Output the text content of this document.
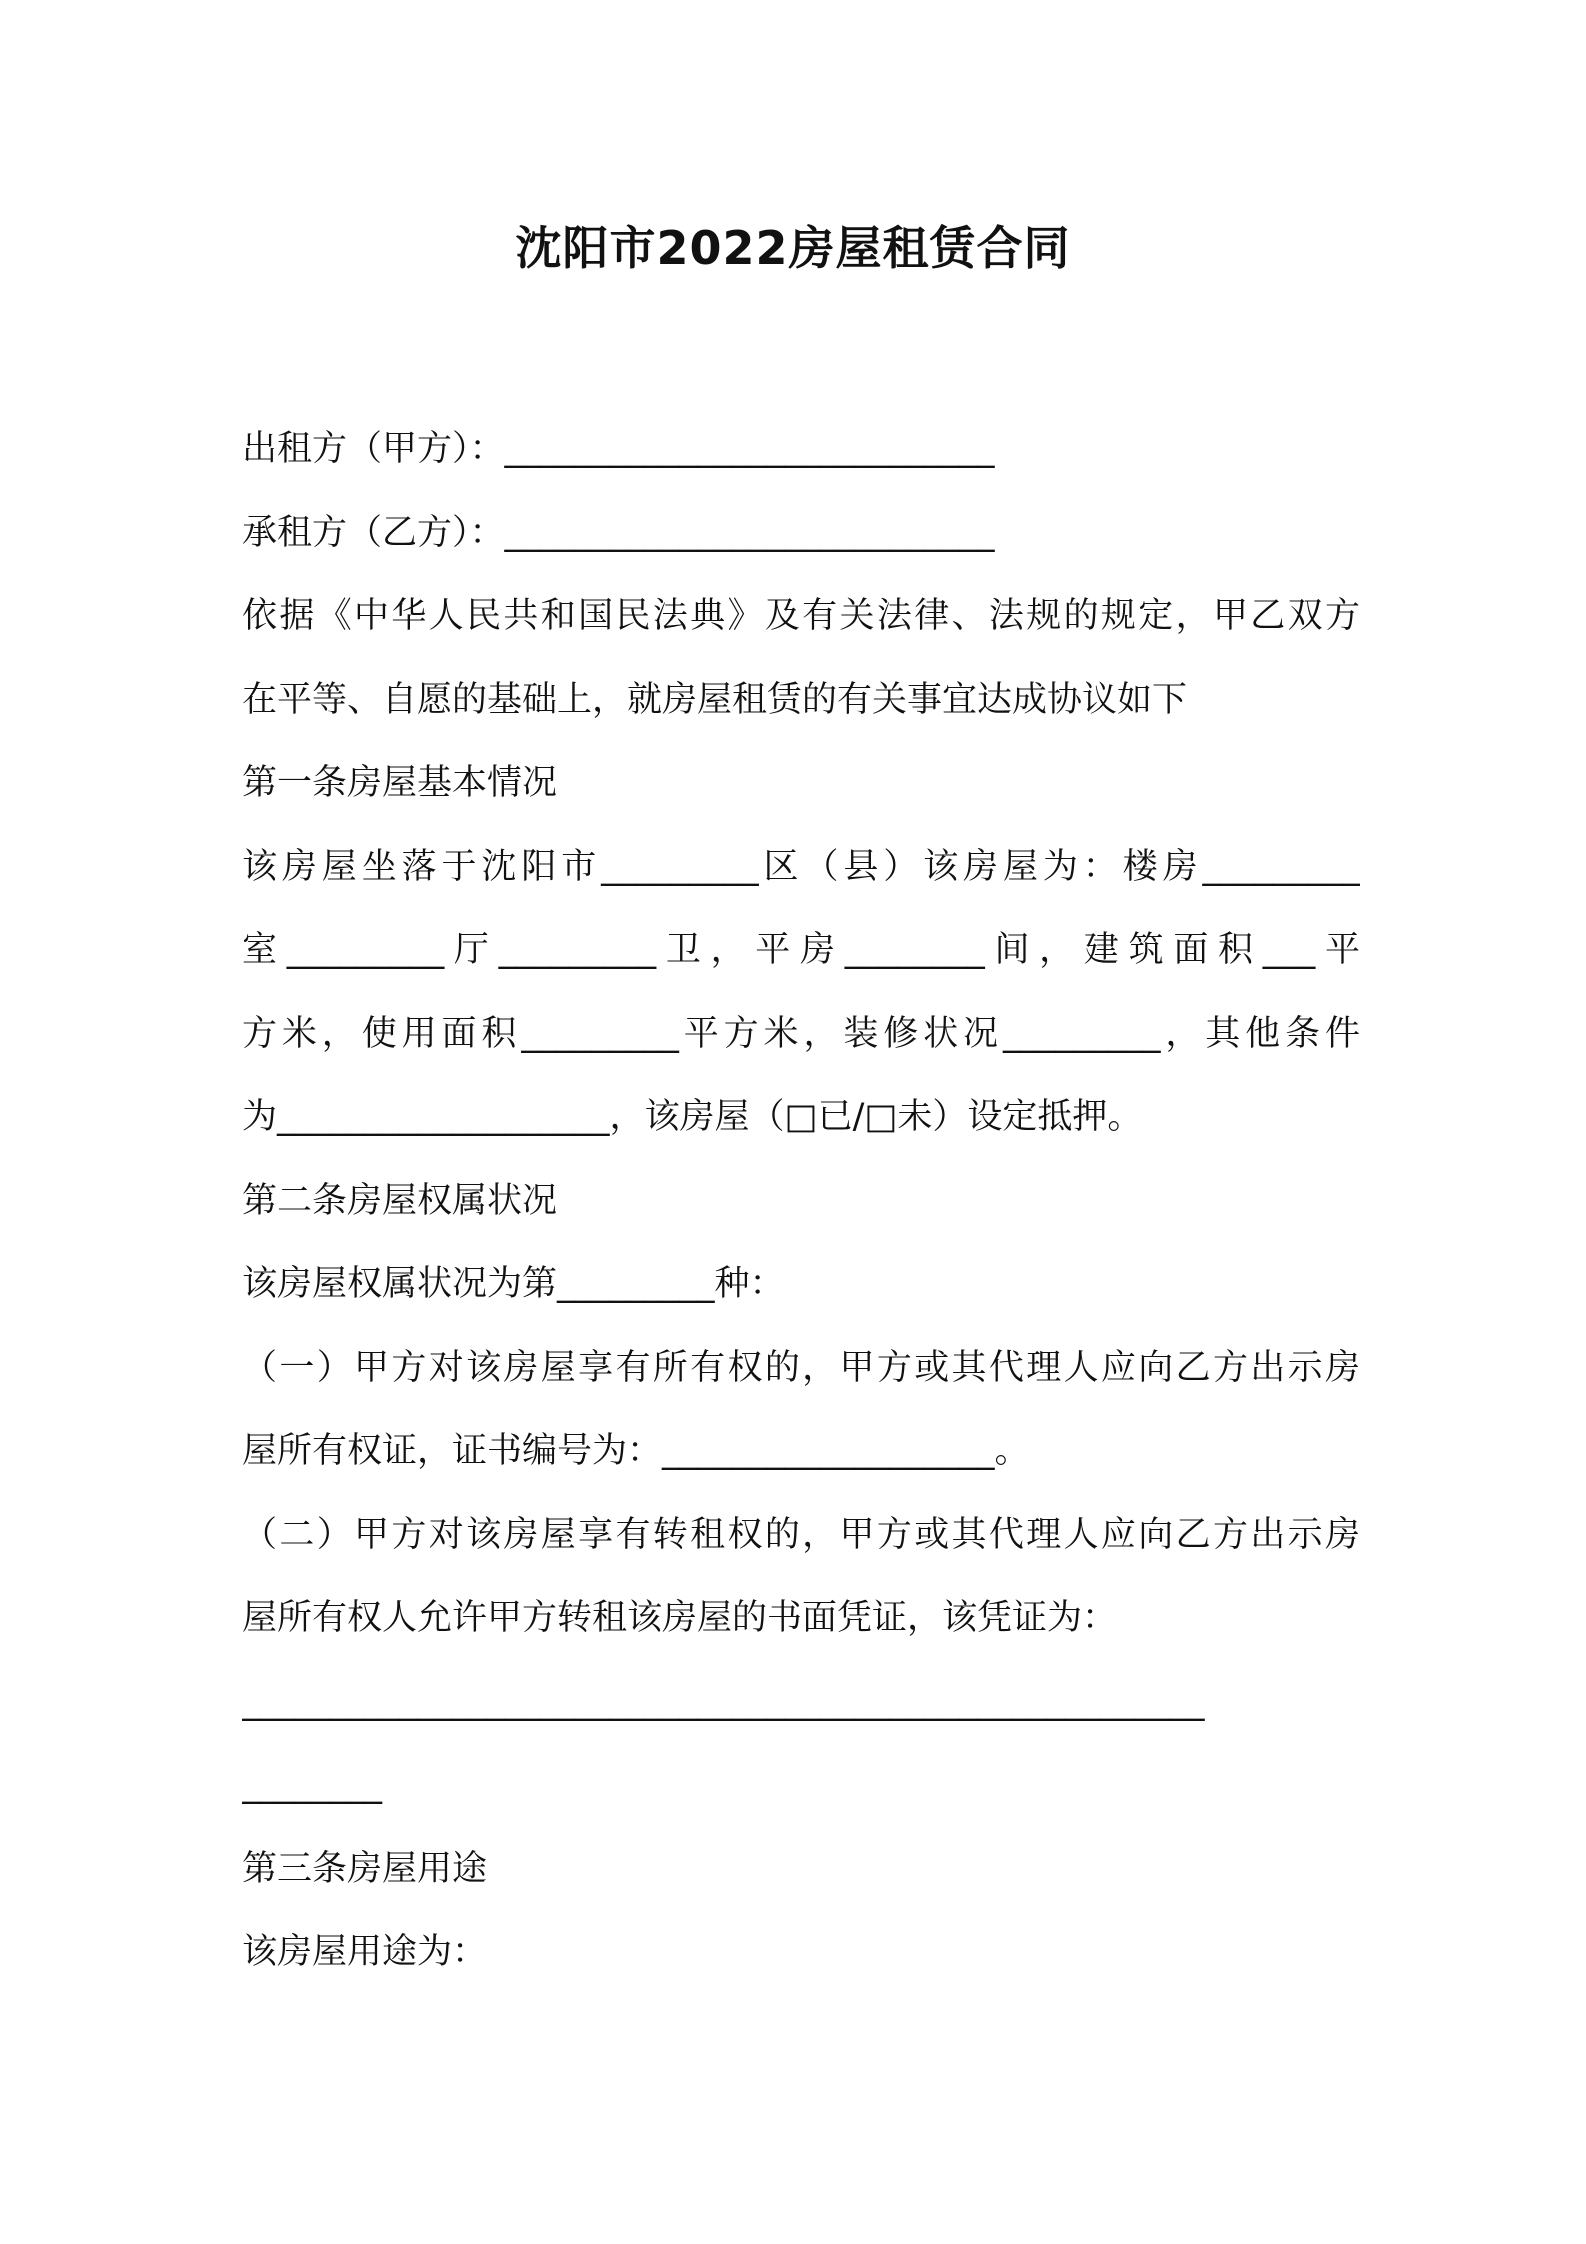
沈阳市2022房屋租赁合同
出租方（甲方）：____________________________
承租方（乙方）：____________________________
依据《中华人民共和国民法典》及有关法律、法规的规定，甲乙双方
在平等、自愿的基础上，就房屋租赁的有关事宜达成协议如下
第一条房屋基本情况
该房屋坐落于沈阳市_________区（县）该房屋为：楼房_________
室_________厅_________卫，平房________间，建筑面积___平
方米，使用面积_________平方米，装修状况_________，其他条件
为___________________，该房屋（□已/□未）设定抵押。
第二条房屋权属状况
该房屋权属状况为第_________种：
（一）甲方对该房屋享有所有权的，甲方或其代理人应向乙方出示房
屋所有权证，证书编号为：___________________。
（二）甲方对该房屋享有转租权的，甲方或其代理人应向乙方出示房
屋所有权人允许甲方转租该房屋的书面凭证，该凭证为：
_______________________________________________________
________
第三条房屋用途
该房屋用途为：
